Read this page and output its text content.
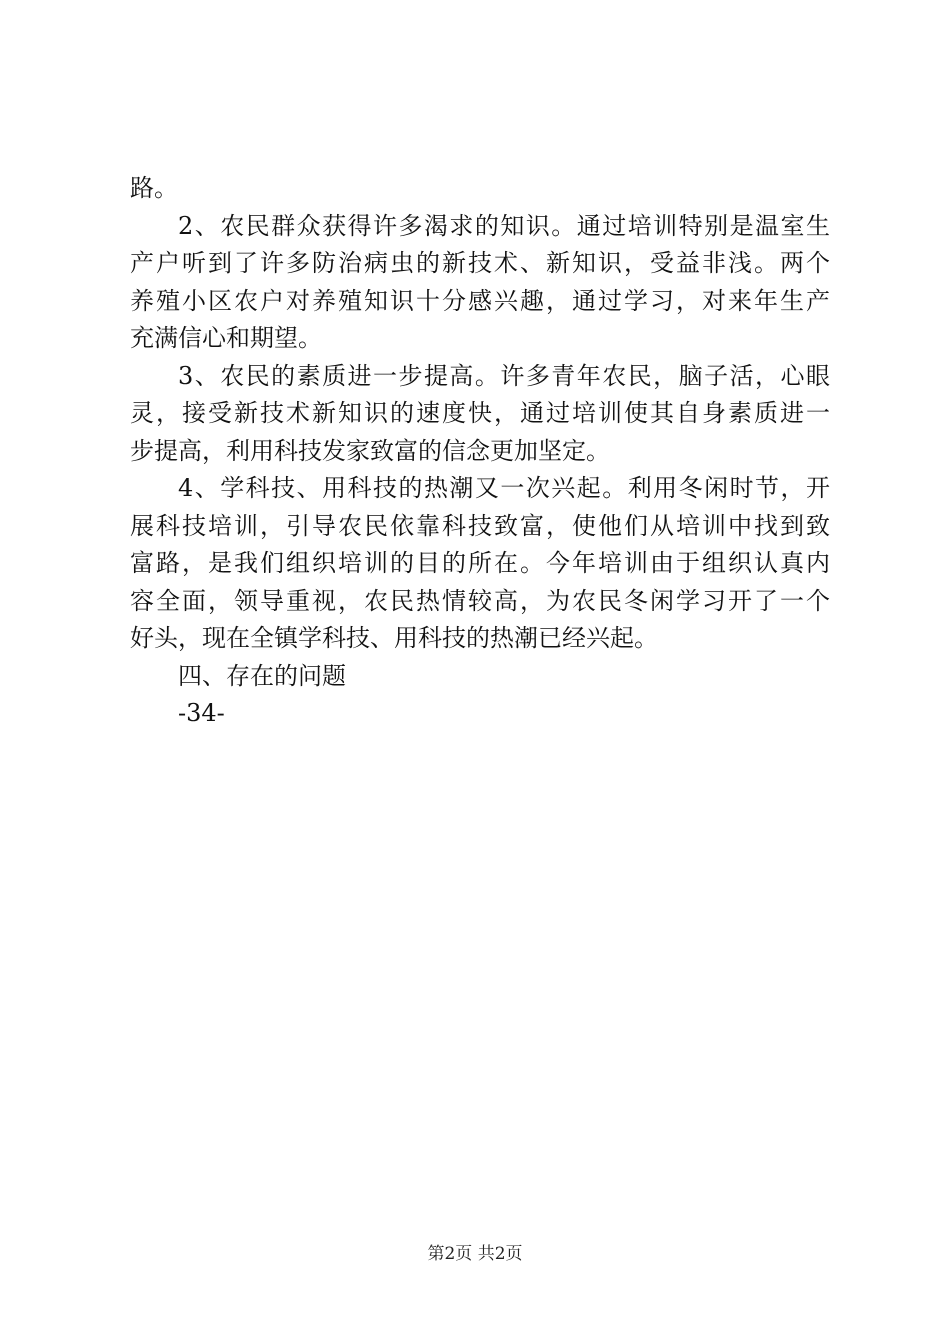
路。
2、农民群众获得许多渴求的知识。通过培训特别是温室生
产户听到了许多防治病虫的新技术、新知识，受益非浅。两个
养殖小区农户对养殖知识十分感兴趣，通过学习，对来年生产
充满信心和期望。
3、农民的素质进一步提高。许多青年农民，脑子活，心眼
灵，接受新技术新知识的速度快，通过培训使其自身素质进一
步提高，利用科技发家致富的信念更加坚定。
4、学科技、用科技的热潮又一次兴起。利用冬闲时节，开
展科技培训，引导农民依靠科技致富，使他们从培训中找到致
富路，是我们组织培训的目的所在。今年培训由于组织认真内
容全面，领导重视，农民热情较高，为农民冬闲学习开了一个
好头，现在全镇学科技、用科技的热潮已经兴起。
四、存在的问题
-34-
第2页 共2页
